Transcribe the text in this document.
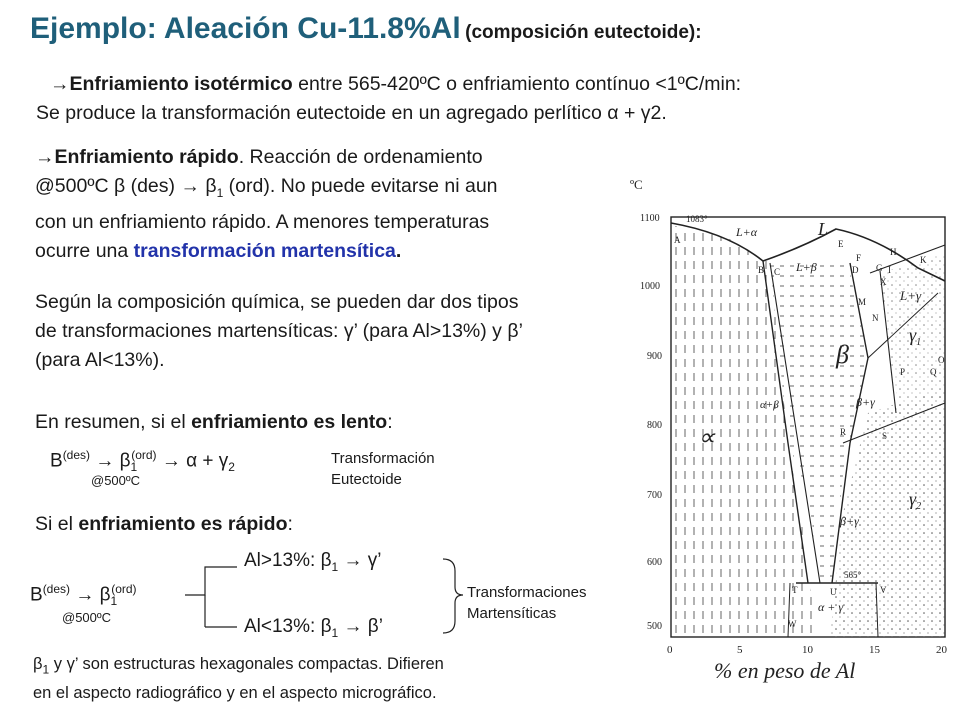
Ejemplo: Aleación Cu-11.8%Al (composición eutectoide):
→Enfriamiento isotérmico entre 565-420ºC o enfriamiento contínuo <1ºC/min:
Se produce la transformación eutectoide en un agregado perlítico α + γ2.
→Enfriamiento rápido. Reacción de ordenamiento
@500ºC β $(des) \to \beta_1$ (ord). No puede evitarse ni aun
con un enfriamiento rápido. A menores temperaturas
ocurre una transformación martensítica.
Según la composición química, se pueden dar dos tipos
de transformaciones martensíticas: γ’ (para Al>13%) y β’
(para Al<13%).
En resumen, si el enfriamiento es lento:
$B^{(des)} \to \beta_1^{(ord)} \to \alpha + \gamma_2$
@500ºC
Transformación
Eutectoide
Si el enfriamiento es rápido:
Al>13%: $\beta_1 \to \gamma$’
$B^{(des)} \to \beta_1^{(ord)}$
@500ºC	Al<13%: $\beta_1 \to \beta$’
Transformaciones
Martensíticas
$\beta_1$ y γ’ son estructuras hexagonales compactas. Difieren
en el aspecto radiográfico y en el aspecto micrográfico.
ºC
1100
1000
900
800
700
600
500
0	5	10	15	20
% en peso de Al
1083°
565°
L
L+α
L+β
L+γ
β
∝
$\gamma_1$
$\gamma_2$
α+β	β+γ
β+γ
α + γ
A
B C	D
E
F
G
H
I
K
M
N
O
P	Q
R	S
T	U	V
W
X
